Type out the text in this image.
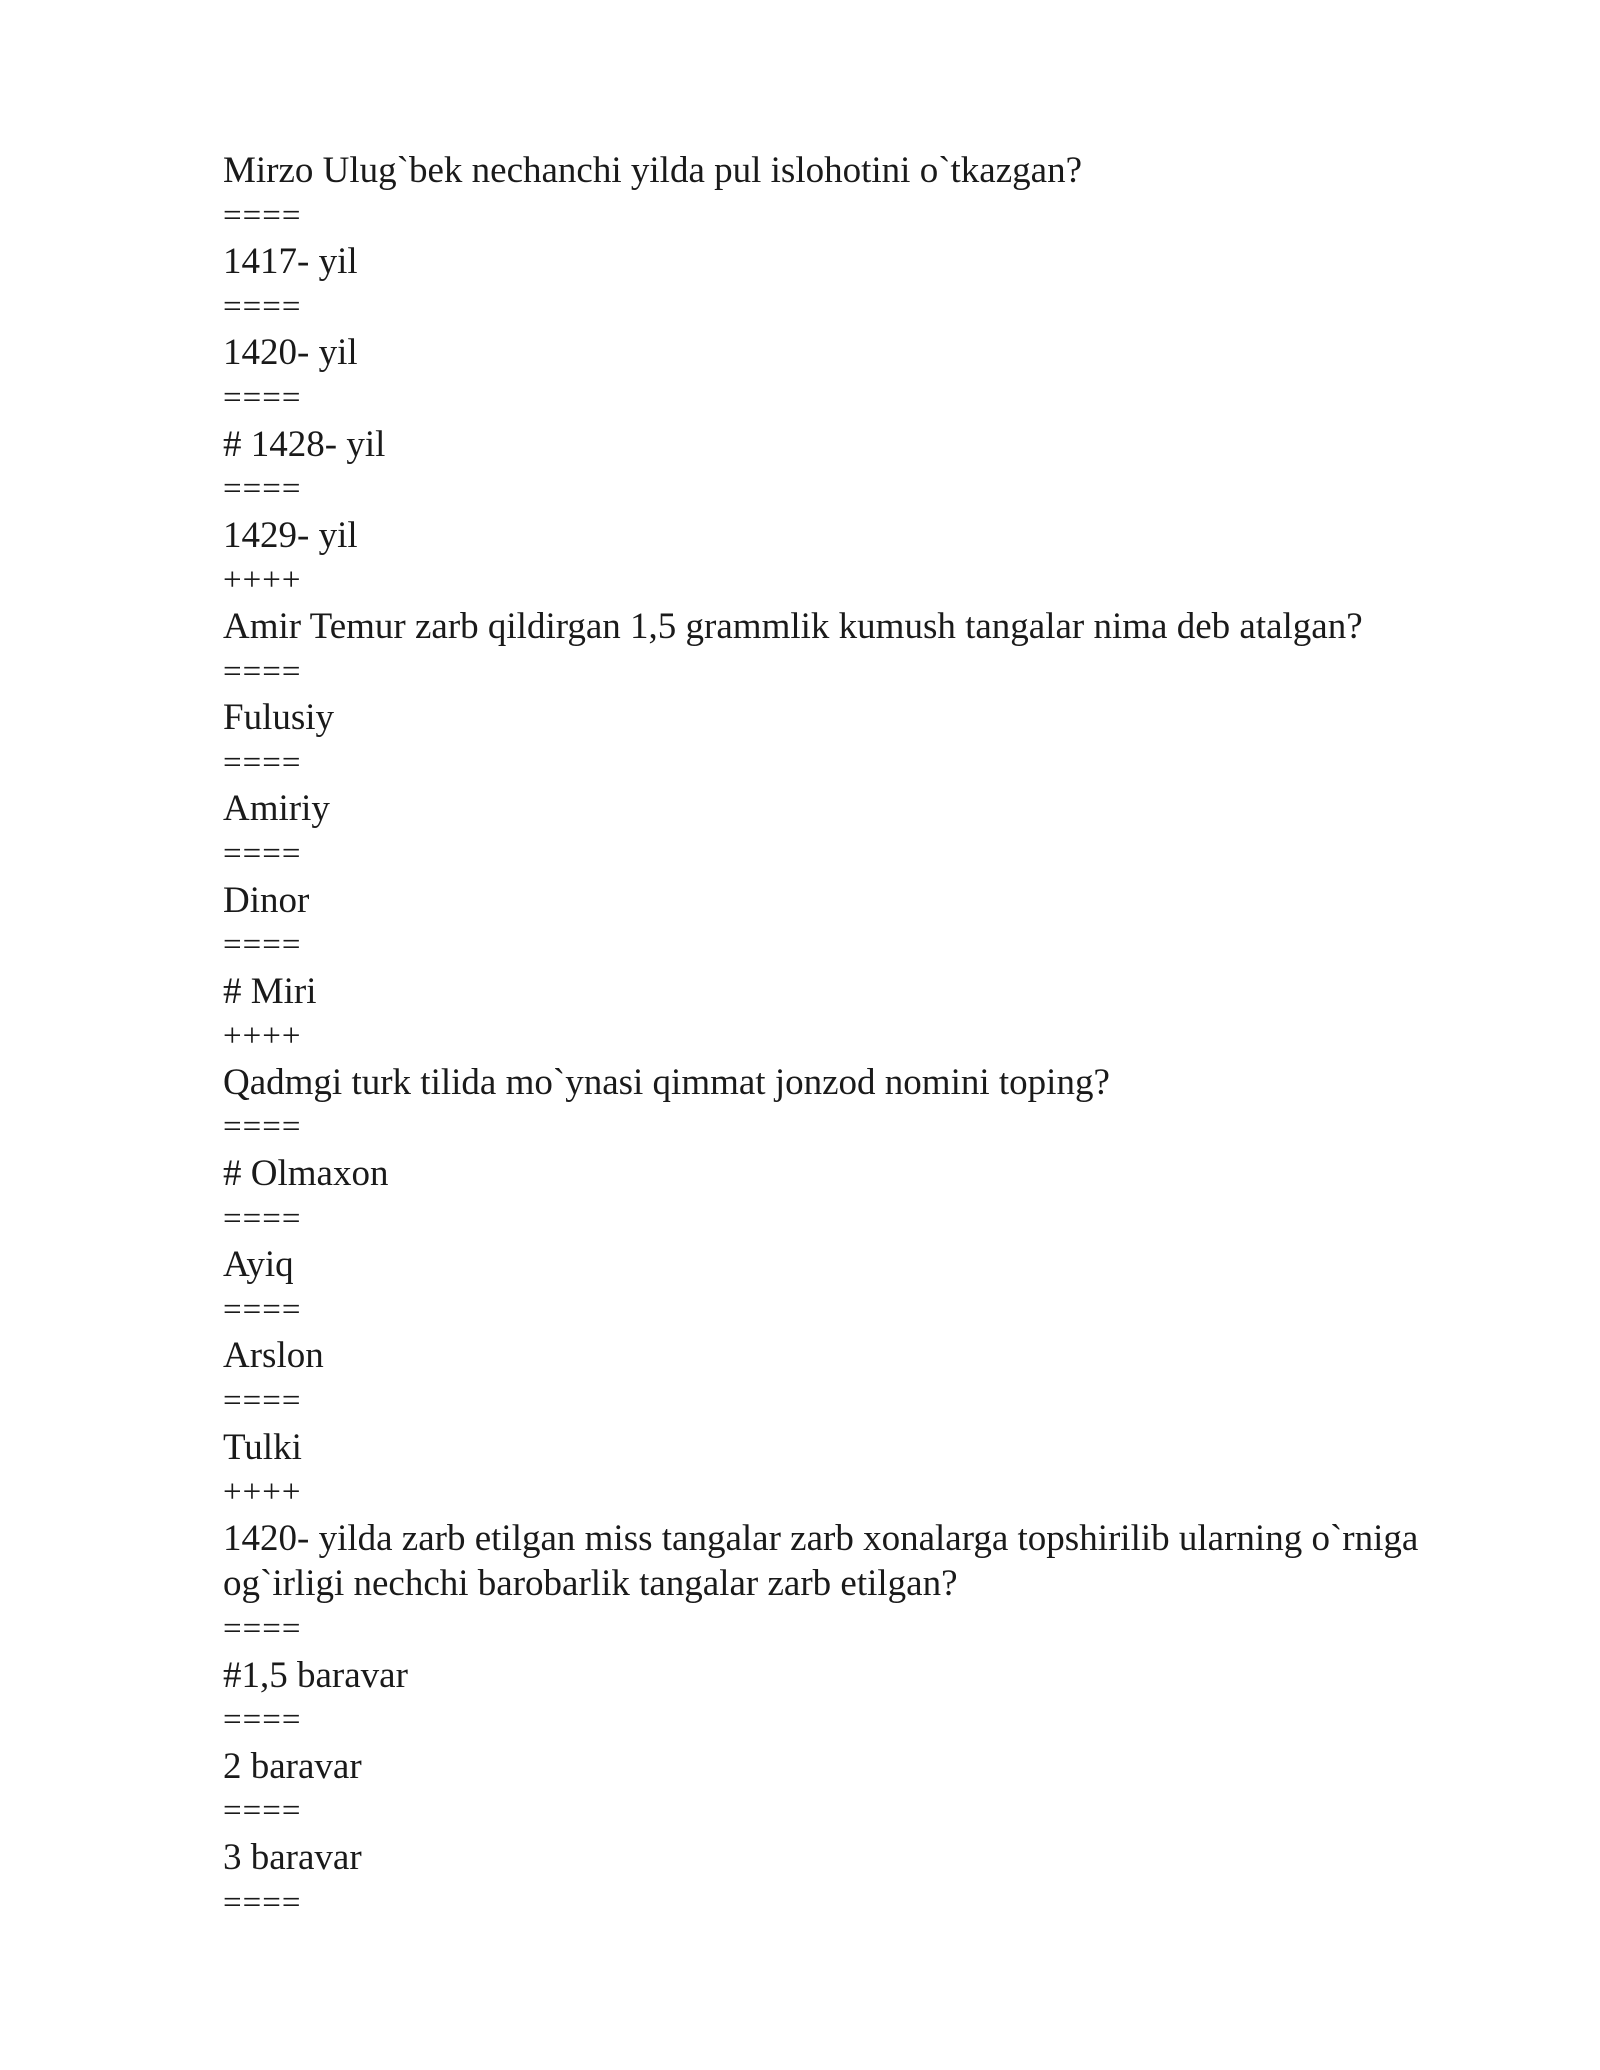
Mirzo Ulug`bek nechanchi yilda pul islohotini o`tkazgan?
====
1417- yil
====
1420- yil
====
# 1428- yil
====
1429- yil
++++
Amir Temur zarb qildirgan 1,5 grammlik kumush tangalar nima deb atalgan?
====
Fulusiy
====
Amiriy
====
Dinor
====
# Miri
++++
Qadmgi turk tilida mo`ynasi qimmat jonzod nomini toping?
====
# Olmaxon
====
Ayiq
====
Arslon
====
Tulki
++++
1420- yilda zarb etilgan miss tangalar zarb xonalarga topshirilib ularning o`rniga
og`irligi nechchi barobarlik tangalar zarb etilgan?
====
#1,5 baravar
====
2 baravar
====
3 baravar
====
